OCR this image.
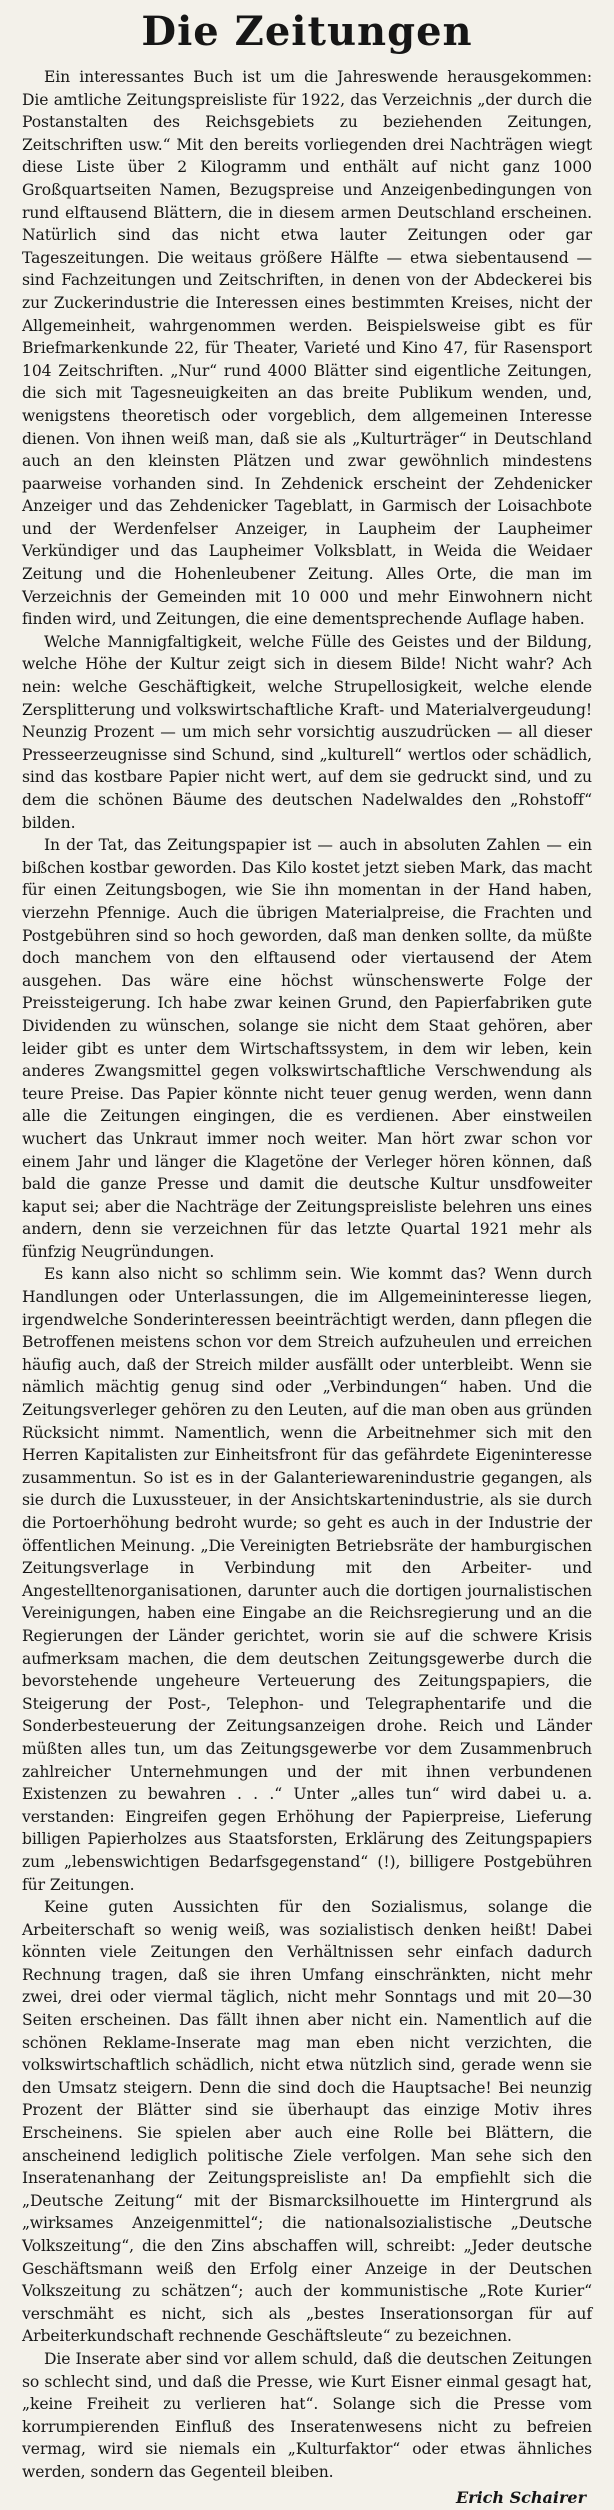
Die Zeitungen

Ein interessantes Buch ist um die Jahreswende herausgekommen: Die amtliche Zeitungspreisliste für 1922, das Verzeichnis „der durch die Postanstalten des Reichsgebiets zu beziehenden Zeitungen, Zeitschriften usw.“ Mit den bereits vorliegenden drei Nachträgen wiegt diese Liste über 2 Kilogramm und enthält auf nicht ganz 1000 Großquartseiten Namen, Bezugspreise und Anzeigenbedingungen von rund elftausend Blättern, die in diesem armen Deutschland erscheinen. Natürlich sind das nicht etwa lauter Zeitungen oder gar Tageszeitungen. Die weitaus größere Hälfte — etwa siebentausend — sind Fachzeitungen und Zeitschriften, in denen von der Abdeckerei bis zur Zuckerindustrie die Interessen eines bestimmten Kreises, nicht der Allgemeinheit, wahrgenommen werden. Beispielsweise gibt es für Briefmarkenkunde 22, für Theater, Varieté und Kino 47, für Rasensport 104 Zeitschriften. „Nur“ rund 4000 Blätter sind eigentliche Zeitungen, die sich mit Tagesneuigkeiten an das breite Publikum wenden, und, wenigstens theoretisch oder vorgeblich, dem allgemeinen Interesse dienen. Von ihnen weiß man, daß sie als „Kulturträger“ in Deutschland auch an den kleinsten Plätzen und zwar gewöhnlich mindestens paarweise vorhanden sind. In Zehdenick erscheint der Zehdenicker Anzeiger und das Zehdenicker Tageblatt, in Garmisch der Loisachbote und der Werdenfelser Anzeiger, in Laupheim der Laupheimer Verkündiger und das Laupheimer Volksblatt, in Weida die Weidaer Zeitung und die Hohenleubener Zeitung. Alles Orte, die man im Verzeichnis der Gemeinden mit 10 000 und mehr Einwohnern nicht finden wird, und Zeitungen, die eine dementsprechende Auflage haben.

Welche Mannigfaltigkeit, welche Fülle des Geistes und der Bildung, welche Höhe der Kultur zeigt sich in diesem Bilde! Nicht wahr? Ach nein: welche Geschäftigkeit, welche Strupellosigkeit, welche elende Zersplitterung und volkswirtschaftliche Kraft- und Materialvergeudung! Neunzig Prozent — um mich sehr vorsichtig auszudrücken — all dieser Presseerzeugnisse sind Schund, sind „kulturell“ wertlos oder schädlich, sind das kostbare Papier nicht wert, auf dem sie gedruckt sind, und zu dem die schönen Bäume des deutschen Nadelwaldes den „Rohstoff“ bilden.

In der Tat, das Zeitungspapier ist — auch in absoluten Zahlen — ein bißchen kostbar geworden. Das Kilo kostet jetzt sieben Mark, das macht für einen Zeitungsbogen, wie Sie ihn momentan in der Hand haben, vierzehn Pfennige. Auch die übrigen Materialpreise, die Frachten und Postgebühren sind so hoch geworden, daß man denken sollte, da müßte doch manchem von den elftausend oder viertausend der Atem ausgehen. Das wäre eine höchst wünschenswerte Folge der Preissteigerung. Ich habe zwar keinen Grund, den Papierfabriken gute Dividenden zu wünschen, solange sie nicht dem Staat gehören, aber leider gibt es unter dem Wirtschaftssystem, in dem wir leben, kein anderes Zwangsmittel gegen volkswirtschaftliche Verschwendung als teure Preise. Das Papier könnte nicht teuer genug werden, wenn dann alle die Zeitungen eingingen, die es verdienen. Aber einstweilen wuchert das Unkraut immer noch weiter. Man hört zwar schon vor einem Jahr und länger die Klagetöne der Verleger hören können, daß bald die ganze Presse und damit die deutsche Kultur unsdfoweiter kaput sei; aber die Nachträge der Zeitungspreisliste belehren uns eines andern, denn sie verzeichnen für das letzte Quartal 1921 mehr als fünfzig Neugründungen.

Es kann also nicht so schlimm sein. Wie kommt das? Wenn durch Handlungen oder Unterlassungen, die im Allgemeininteresse liegen, irgendwelche Sonderinteressen beeinträchtigt werden, dann pflegen die Betroffenen meistens schon vor dem Streich aufzuheulen und erreichen häufig auch, daß der Streich milder ausfällt oder unterbleibt. Wenn sie nämlich mächtig genug sind oder „Verbindungen“ haben. Und die Zeitungsverleger gehören zu den Leuten, auf die man oben aus gründen Rücksicht nimmt. Namentlich, wenn die Arbeitnehmer sich mit den Herren Kapitalisten zur Einheitsfront für das gefährdete Eigeninteresse zusammentun. So ist es in der Galanteriewarenindustrie gegangen, als sie durch die Luxussteuer, in der Ansichtskartenindustrie, als sie durch die Portoerhöhung bedroht wurde; so geht es auch in der Industrie der öffentlichen Meinung. „Die Vereinigten Betriebsräte der hamburgischen Zeitungsverlage in Verbindung mit den Arbeiter- und Angestelltenorganisationen, darunter auch die dortigen journalistischen Vereinigungen, haben eine Eingabe an die Reichsregierung und an die Regierungen der Länder gerichtet, worin sie auf die schwere Krisis aufmerksam machen, die dem deutschen Zeitungsgewerbe durch die bevorstehende ungeheure Verteuerung des Zeitungspapiers, die Steigerung der Post-, Telephon- und Telegraphentarife und die Sonderbesteuerung der Zeitungsanzeigen drohe. Reich und Länder müßten alles tun, um das Zeitungsgewerbe vor dem Zusammenbruch zahlreicher Unternehmungen und der mit ihnen verbundenen Existenzen zu bewahren . . .“ Unter „alles tun“ wird dabei u. a. verstanden: Eingreifen gegen Erhöhung der Papierpreise, Lieferung billigen Papierholzes aus Staatsforsten, Erklärung des Zeitungspapiers zum „lebenswichtigen Bedarfsgegenstand“ (!), billigere Postgebühren für Zeitungen.

Keine guten Aussichten für den Sozialismus, solange die Arbeiterschaft so wenig weiß, was sozialistisch denken heißt! Dabei könnten viele Zeitungen den Verhältnissen sehr einfach dadurch Rechnung tragen, daß sie ihren Umfang einschränkten, nicht mehr zwei, drei oder viermal täglich, nicht mehr Sonntags und mit 20—30 Seiten erscheinen. Das fällt ihnen aber nicht ein. Namentlich auf die schönen Reklame-Inserate mag man eben nicht verzichten, die volkswirtschaftlich schädlich, nicht etwa nützlich sind, gerade wenn sie den Umsatz steigern. Denn die sind doch die Hauptsache! Bei neunzig Prozent der Blätter sind sie überhaupt das einzige Motiv ihres Erscheinens. Sie spielen aber auch eine Rolle bei Blättern, die anscheinend lediglich politische Ziele verfolgen. Man sehe sich den Inseratenanhang der Zeitungspreisliste an! Da empfiehlt sich die „Deutsche Zeitung“ mit der Bismarcksilhouette im Hintergrund als „wirksames Anzeigenmittel“; die nationalsozialistische „Deutsche Volkszeitung“, die den Zins abschaffen will, schreibt: „Jeder deutsche Geschäftsmann weiß den Erfolg einer Anzeige in der Deutschen Volkszeitung zu schätzen“; auch der kommunistische „Rote Kurier“ verschmäht es nicht, sich als „bestes Inserationsorgan für auf Arbeiterkundschaft rechnende Geschäftsleute“ zu bezeichnen.

Die Inserate aber sind vor allem schuld, daß die deutschen Zeitungen so schlecht sind, und daß die Presse, wie Kurt Eisner einmal gesagt hat, „keine Freiheit zu verlieren hat“. Solange sich die Presse vom korrumpierenden Einfluß des Inseratenwesens nicht zu befreien vermag, wird sie niemals ein „Kulturfaktor“ oder etwas ähnliches werden, sondern das Gegenteil bleiben.

Erich Schairer
